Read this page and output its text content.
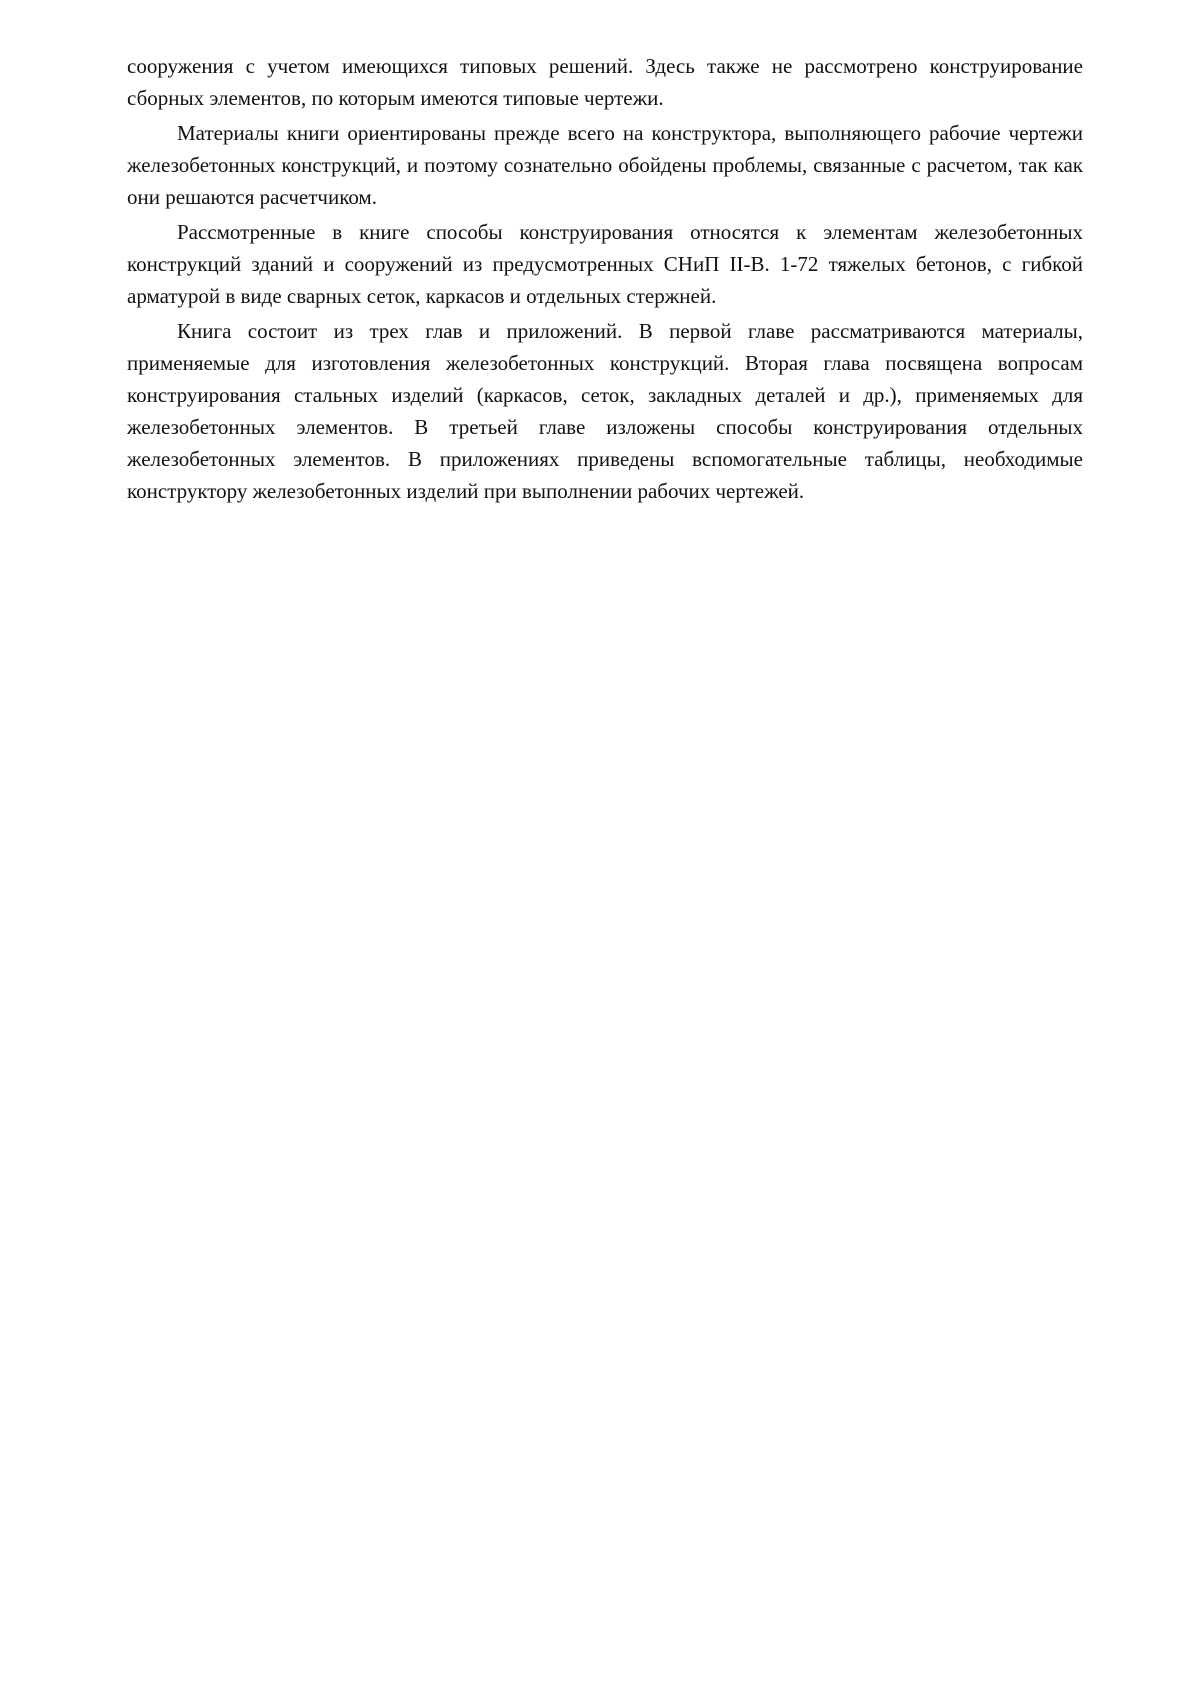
сооружения с учетом имеющихся типовых решений. Здесь также не рассмотрено конструирование сборных элементов, по которым имеются типовые чертежи.

Материалы книги ориентированы прежде всего на конструктора, выполняющего рабочие чертежи железобетонных конструкций, и поэтому сознательно обойдены проблемы, связанные с расчетом, так как они решаются расчетчиком.

Рассмотренные в книге способы конструирования относятся к элементам железобетонных конструкций зданий и сооружений из предусмотренных СНиП II-В. 1-72 тяжелых бетонов, с гибкой арматурой в виде сварных сеток, каркасов и отдельных стержней.

Книга состоит из трех глав и приложений. В первой главе рассматриваются материалы, применяемые для изготовления железобетонных конструкций. Вторая глава посвящена вопросам конструирования стальных изделий (каркасов, сеток, закладных деталей и др.), применяемых для железобетонных элементов. В третьей главе изложены способы конструирования отдельных железобетонных элементов. В приложениях приведены вспомогательные таблицы, необходимые конструктору железобетонных изделий при выполнении рабочих чертежей.
